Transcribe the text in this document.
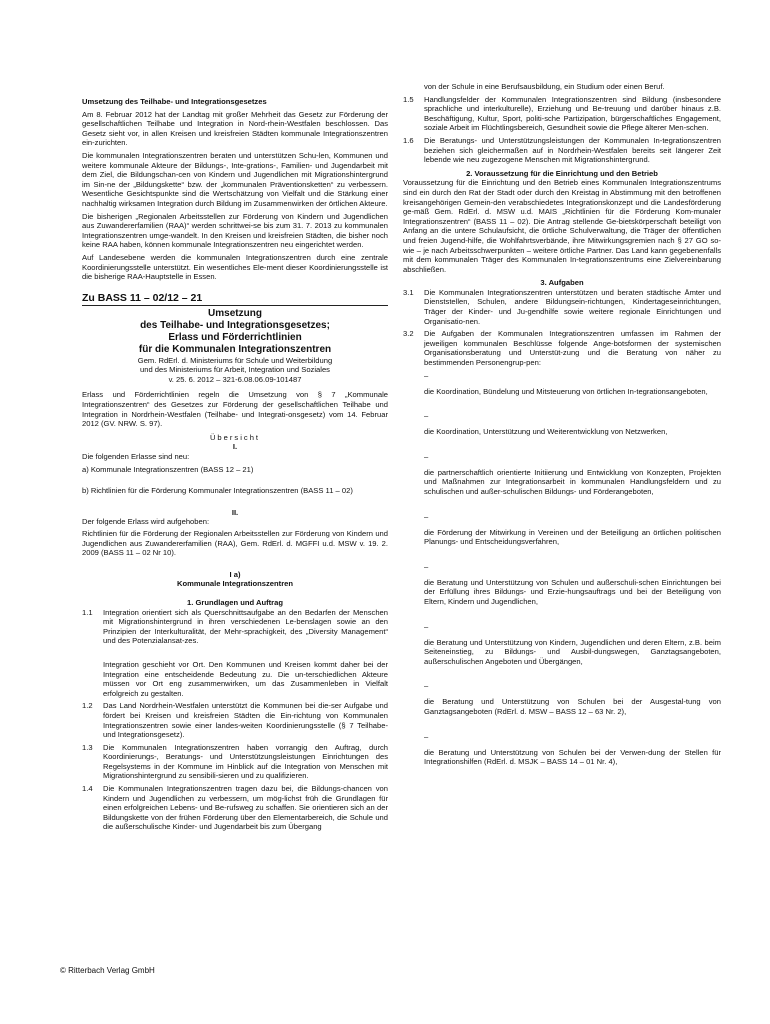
Umsetzung des Teilhabe- und Integrationsgesetzes

Am 8. Februar 2012 hat der Landtag mit großer Mehrheit das Gesetz zur Förderung der gesellschaftlichen Teilhabe und Integration in Nord-rhein-Westfalen beschlossen. Das Gesetz sieht vor, in allen Kreisen und kreisfreien Städten kommunale Integrationszentren ein-zurichten.

Die kommunalen Integrationszentren beraten und unterstützen Schu-len, Kommunen und weitere kommunale Akteure der Bildungs-, Inte-grations-, Familien- und Jugendarbeit mit dem Ziel, die Bildungschan-cen von Kindern und Jugendlichen mit Migrationshintergrund im Sin-ne der „Bildungskette“ bzw. der „kommunalen Präventionsketten“ zu verbessern. Wesentliche Gesichtspunkte sind die Wertschätzung von Vielfalt und die Stärkung einer nachhaltig wirksamen Integration durch Bildung im Zusammenwirken der örtlichen Akteure.

Die bisherigen „Regionalen Arbeitsstellen zur Förderung von Kindern und Jugendlichen aus Zuwandererfamilien (RAA)“ werden schrittwei-se bis zum 31. 7. 2013 zu kommunalen Integrationszentren umge-wandelt. In den Kreisen und kreisfreien Städten, die bisher noch keine RAA haben, können kommunale Integrationszentren neu eingerichtet werden.

Auf Landesebene werden die kommunalen Integrationszentren durch eine zentrale Koordinierungsstelle unterstützt. Ein wesentliches Ele-ment dieser Koordinierungsstelle ist die bisherige RAA-Hauptstelle in Essen.

Zu BASS 11 – 02/12 – 21
Umsetzung
des Teilhabe- und Integrationsgesetzes;
Erlass und Förderrichtlinien
für die Kommunalen Integrationszentren
Gem. RdErl. d. Ministeriums für Schule und Weiterbildung
und des Ministeriums für Arbeit, Integration und Soziales
v. 25. 6. 2012 – 321-6.08.06.09-101487

Erlass und Förderrichtlinien regeln die Umsetzung von § 7 „Kommunale Integrationszentren“ des Gesetzes zur Förderung der gesellschaftlichen Teilhabe und Integration in Nordrhein-Westfalen (Teilhabe- und Integrati-onsgesetz) vom 14. Februar 2012 (GV. NRW. S. 97).

Übersicht
I.
Die folgenden Erlasse sind neu:
a) Kommunale Integrationszentren (BASS 12 – 21)
b) Richtlinien für die Förderung Kommunaler Integrationszentren (BASS 11 – 02)
II.
Der folgende Erlass wird aufgehoben:

Richtlinien für die Förderung der Regionalen Arbeitsstellen zur Förderung von Kindern und Jugendlichen aus Zuwandererfamilien (RAA), Gem. RdErl. d. MGFFI u.d. MSW v. 19. 2. 2009 (BASS 11 – 02 Nr 10).

I a)
Kommunale Integrationszentren
1. Grundlagen und Auftrag
1.1 Integration orientiert sich als Querschnittsaufgabe an den Bedarfen der Menschen mit Migrationshintergrund in ihren verschiedenen Le-benslagen sowie an den Prinzipien der Interkulturalität, der Mehr-sprachigkeit, des „Diversity Management“ und des Potenzialansat-zes.
Integration geschieht vor Ort. Den Kommunen und Kreisen kommt daher bei der Integration eine entscheidende Bedeutung zu. Die un-terschiedlichen Akteure müssen vor Ort eng zusammenwirken, um das Zusammenleben in Vielfalt erfolgreich zu gestalten.
1.2 Das Land Nordrhein-Westfalen unterstützt die Kommunen bei die-ser Aufgabe und fördert bei Kreisen und kreisfreien Städten die Ein-richtung von Kommunalen Integrationszentren sowie einer landes-weiten Koordinierungsstelle (§ 7 Teilhabe- und Integrationsgesetz).
1.3 Die Kommunalen Integrationszentren haben vorrangig den Auftrag, durch Koordinierungs-, Beratungs- und Unterstützungsleistungen Einrichtungen des Regelsystems in der Kommune im Hinblick auf die Integration von Menschen mit Migrationshintergrund zu sensibili-sieren und zu qualifizieren.
1.4 Die Kommunalen Integrationszentren tragen dazu bei, die Bildungs-chancen von Kindern und Jugendlichen zu verbessern, um mög-lichst früh die Grundlagen für einen erfolgreichen Lebens- und Be-rufsweg zu schaffen. Sie orientieren sich an der Bildungskette von der frühen Förderung über den Elementarbereich, die Schule und die außerschulische Kinder- und Jugendarbeit bis zum Übergang
von der Schule in eine Berufsausbildung, ein Studium oder einen Beruf.
1.5 Handlungsfelder der Kommunalen Integrationszentren sind Bildung (insbesondere sprachliche und interkulturelle), Erziehung und Be-treuung und darüber hinaus z.B. Beschäftigung, Kultur, Sport, politi-sche Partizipation, bürgerschaftliches Engagement, soziale Arbeit im Flüchtlingsbereich, Gesundheit sowie die Pflege älterer Men-schen.
1.6 Die Beratungs- und Unterstützungsleistungen der Kommunalen In-tegrationszentren beziehen sich gleichermaßen auf in Nordrhein-Westfalen bereits seit längerer Zeit lebende wie neu zugezogene Menschen mit Migrationshintergrund.
2. Voraussetzung für die Einrichtung und den Betrieb

Voraussetzung für die Einrichtung und den Betrieb eines Kommunalen Integrationszentrums sind ein durch den Rat der Stadt oder durch den Kreistag in Abstimmung mit den betroffenen kreisangehörigen Gemein-den verabschiedetes Integrationskonzept und die Landesförderung ge-mäß Gem. RdErl. d. MSW u.d. MAIS „Richtlinien für die Förderung Kom-munaler Integrationszentren“ (BASS 11 – 02). Die Antrag stellende Ge-bietskörperschaft beteiligt von Anfang an die untere Schulaufsicht, die örtliche Schulverwaltung, die Träger der öffentlichen und freien Jugend-hilfe, die Wohlfahrtsverbände, ihre Mitwirkungsgremien nach § 27 GO so-wie – je nach Arbeitsschwerpunkten – weitere örtliche Partner. Das Land kann gegebenenfalls mit dem kommunalen Träger des Kommunalen In-tegrationszentrums eine Zielvereinbarung abschließen.

3. Aufgaben
3.1 Die Kommunalen Integrationszentren unterstützen und beraten städtische Ämter und Dienststellen, Schulen, andere Bildungsein-richtungen, Kindertageseinrichtungen, Träger der Kinder- und Ju-gendhilfe sowie weitere regionale Einrichtungen und Organisatio-nen.
3.2 Die Aufgaben der Kommunalen Integrationszentren umfassen im Rahmen der jeweiligen kommunalen Beschlüsse folgende Ange-botsformen der systemischen Organisationsberatung und Unterstüt-zung und die Beratung von näher zu bestimmenden Personengrup-pen:
–
die Koordination, Bündelung und Mitsteuerung von örtlichen In-tegrationsangeboten,
–
die Koordination, Unterstützung und Weiterentwicklung von Netzwerken,
–
die partnerschaftlich orientierte Initiierung und Entwicklung von Konzepten, Projekten und Maßnahmen zur Integrationsarbeit in kommunalen Handlungsfeldern und zu schulischen und außer-schulischen Bildungs- und Förderangeboten,
–
die Förderung der Mitwirkung in Vereinen und der Beteiligung an örtlichen politischen Planungs- und Entscheidungsverfahren,
–
die Beratung und Unterstützung von Schulen und außerschuli-schen Einrichtungen bei der Erfüllung ihres Bildungs- und Erzie-hungsauftrags und bei der Beteiligung von Eltern, Kindern und Jugendlichen,
–
die Beratung und Unterstützung von Kindern, Jugendlichen und deren Eltern, z.B. beim Seiteneinstieg, zu Bildungs- und Ausbil-dungswegen, Ganztagsangeboten, außerschulischen Angeboten und Übergängen,
–
die Beratung und Unterstützung von Schulen bei der Ausgestal-tung von Ganztagsangeboten (RdErl. d. MSW – BASS 12 – 63 Nr. 2),
–
die Beratung und Unterstützung von Schulen bei der Verwen-dung der Stellen für Integrationshilfen (RdErl. d. MSJK – BASS 14 – 01 Nr. 4),
© Ritterbach Verlag GmbH
